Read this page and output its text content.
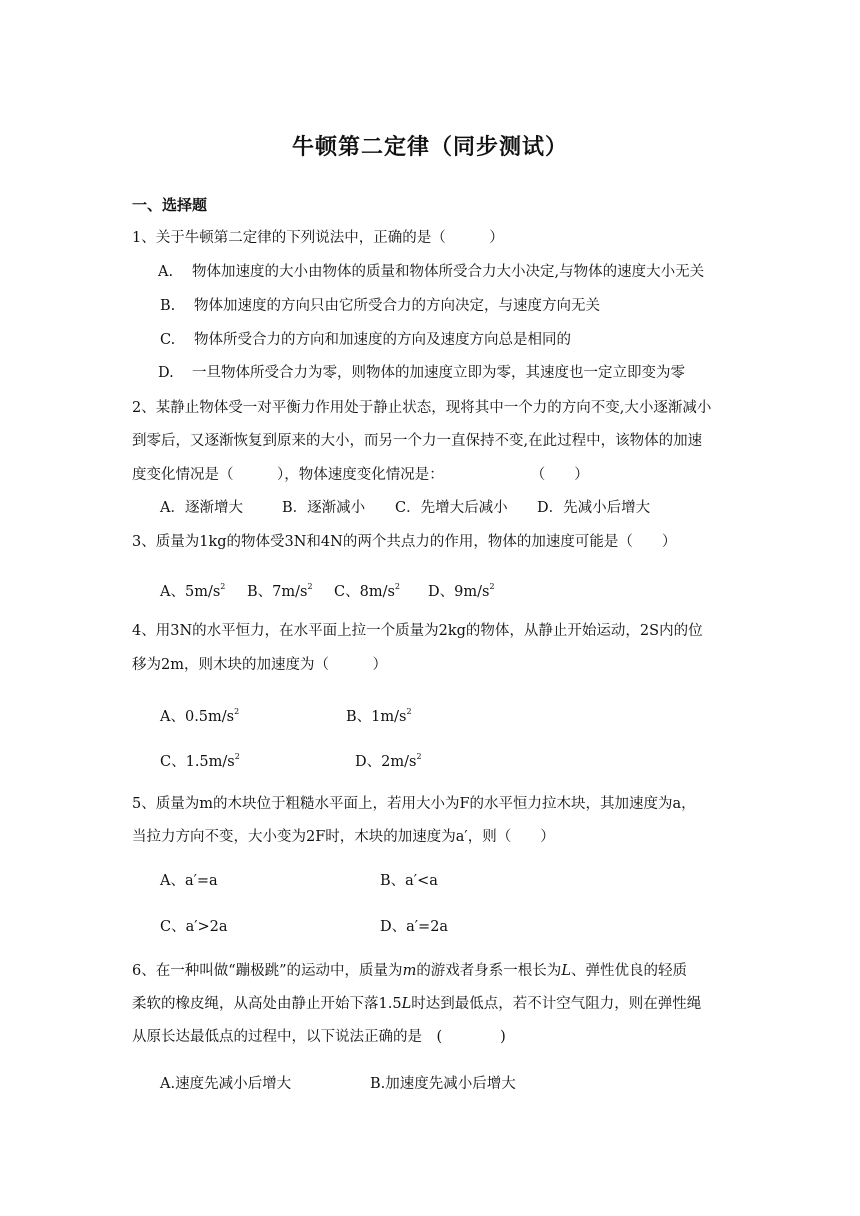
牛顿第二定律（同步测试）
一、选择题
1、关于牛顿第二定律的下列说法中，正确的是（　　　）
A. 物体加速度的大小由物体的质量和物体所受合力大小决定,与物体的速度大小无关
B. 物体加速度的方向只由它所受合力的方向决定，与速度方向无关
C. 物体所受合力的方向和加速度的方向及速度方向总是相同的
D. 一旦物体所受合力为零，则物体的加速度立即为零，其速度也一定立即变为零
2、某静止物体受一对平衡力作用处于静止状态，现将其中一个力的方向不变,大小逐渐减小
到零后，又逐渐恢复到原来的大小，而另一个力一直保持不变,在此过程中，该物体的加速
度变化情况是（　　　），物体速度变化情况是：　　　　　　　（　　）
A．逐渐增大	B．逐渐减小 C．先增大后减小 D．先减小后增大
3、质量为1kg的物体受3N和4N的两个共点力的作用，物体的加速度可能是（　　）
A、$5m/s^2$ B、$7m/s^2$ C、$8m/s^2$ D、$9m/s^2$
4、用3N的水平恒力，在水平面上拉一个质量为2kg的物体，从静止开始运动，2S内的位
移为2m，则木块的加速度为（　　　）
A、$0.5m/s^2$	B、$1m/s^2$
C、$1.5m/s^2$	D、$2m/s^2$
5、质量为m的木块位于粗糙水平面上，若用大小为F的水平恒力拉木块，其加速度为a，
当拉力方向不变，大小变为2F时，木块的加速度为a′，则（　　）
A、a′=a	B、a′<a
C、a′>2a	D、a′=2a
6、在一种叫做“蹦极跳”的运动中，质量为m的游戏者身系一根长为L、弹性优良的轻质
柔软的橡皮绳，从高处由静止开始下落1.5L时达到最低点，若不计空气阻力，则在弹性绳
从原长达最低点的过程中，以下说法正确的是　(　　　　)
A.速度先减小后增大	B.加速度先减小后增大
